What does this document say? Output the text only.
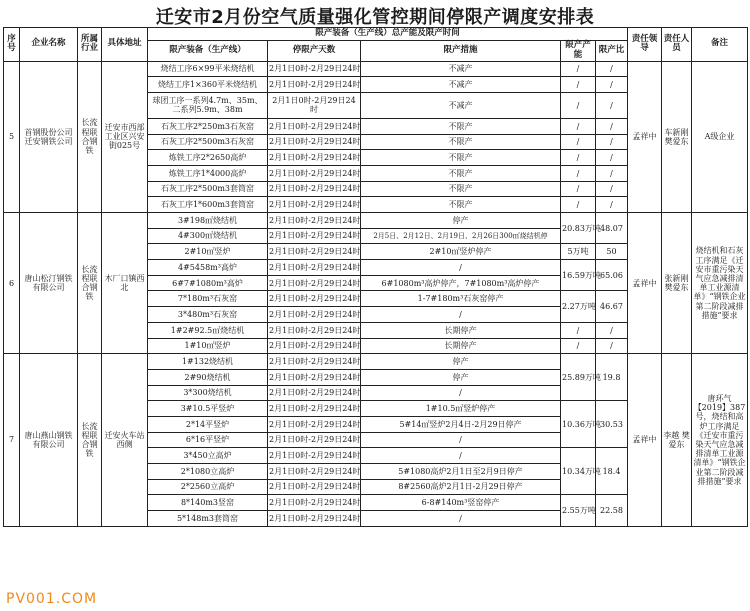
迁安市2月份空气质量强化管控期间停限产调度安排表
序号	企业名称	所属行业	具体地址	限产装备（生产线）总产能及限产时间					责任领导	责任人员	备注
				限产装备（生产线）	停限产天数	限产措施	限产产能	限产比			
5	首钢股份公司迁安钢铁公司	长流程联合钢铁	迁安市西部工业区兴安街025号	烧结工序6×99平米烧结机	2月1日0时-2月29日24时	不减产	/	/	孟祥中	车新刚 樊爱东	A级企业
				烧结工序1×360平米烧结机	2月1日0时-2月29日24时	不减产	/	/			
				球团工序一系列4.7m、35m、二系列5.9m、38m	2月1日0时-2月29日24时	不减产	/	/			
				石灰工序2*250m3石灰窑	2月1日0时-2月29日24时	不限产	/	/			
				石灰工序2*500m3石灰窑	2月1日0时-2月29日24时	不限产	/	/			
				炼铁工序2*2650高炉	2月1日0时-2月29日24时	不限产	/	/			
				炼铁工序1*4000高炉	2月1日0时-2月29日24时	不限产	/	/			
				石灰工序2*500m3套筒窑	2月1日0时-2月29日24时	不限产	/	/			
				石灰工序1*600m3套筒窑	2月1日0时-2月29日24时	不限产	/	/			
6	唐山松汀钢铁有限公司	长流程联合钢铁	木厂口镇西北	3#198㎡烧结机	2月1日0时-2月29日24时	停产	20.83万吨	48.07	孟祥中	张新刚 樊爱东	烧结机和石灰工序满足《迁安市重污染天气应急减排清单工业源清单》“钢铁企业第二阶段减排措施”要求
				4#300㎡烧结机	2月1日0时-2月29日24时	2月5日、2月12日、2月19日、2月26日300㎡烧结机停					
				2#10㎡竖炉	2月1日0时-2月29日24时	2#10㎡竖炉停产	5万吨	50			
				4#5458m³高炉	2月1日0时-2月29日24时	/	16.59万吨	65.06			
				6#7#1080m³高炉	2月1日0时-2月29日24时	6#1080m³高炉停产，7#1080m³高炉停产					
				7*180m³石灰窑	2月1日0时-2月29日24时	1-7#180m³石灰窑停产	2.27万吨	46.67			
				3*480m³石灰窑	2月1日0时-2月29日24时	/					
				1#2#92.5㎡烧结机	2月1日0时-2月29日24时	长期停产	/	/			
				1#10㎡竖炉	2月1日0时-2月29日24时	长期停产	/	/			
7	唐山燕山钢铁有限公司	长流程联合钢铁	迁安火车站西侧	1#132烧结机	2月1日0时-2月29日24时	停产	25.89万吨	19.8	孟祥中	李越 樊爱东	唐环气【2019】387号，烧结和高炉工序满足《迁安市重污染天气应急减排清单工业源清单》“钢铁企业第二阶段减排措施”要求
				2#90烧结机	2月1日0时-2月29日24时	停产					
				3*300烧结机	2月1日0时-2月29日24时	/					
				3#10.5平竖炉	2月1日0时-2月29日24时	1#10.5㎡竖炉停产	10.36万吨	30.53			
				2*14平竖炉	2月1日0时-2月29日24时	5#14㎡竖炉2月4日-2月29日停产					
				6*16平竖炉	2月1日0时-2月29日24时	/					
				3*450立高炉	2月1日0时-2月29日24时	/	10.34万吨	18.4			
				2*1080立高炉	2月1日0时-2月29日24时	5#1080高炉2月1日至2月9日停产					
				2*2560立高炉	2月1日0时-2月29日24时	8#2560高炉2月1日-2月29日停产					
				8*140m3竖窑	2月1日0时-2月29日24时	6-8#140m³竖窑停产	2.55万吨	22.58			
				5*148m3套筒窑	2月1日0时-2月29日24时	/					
PV001.COM
